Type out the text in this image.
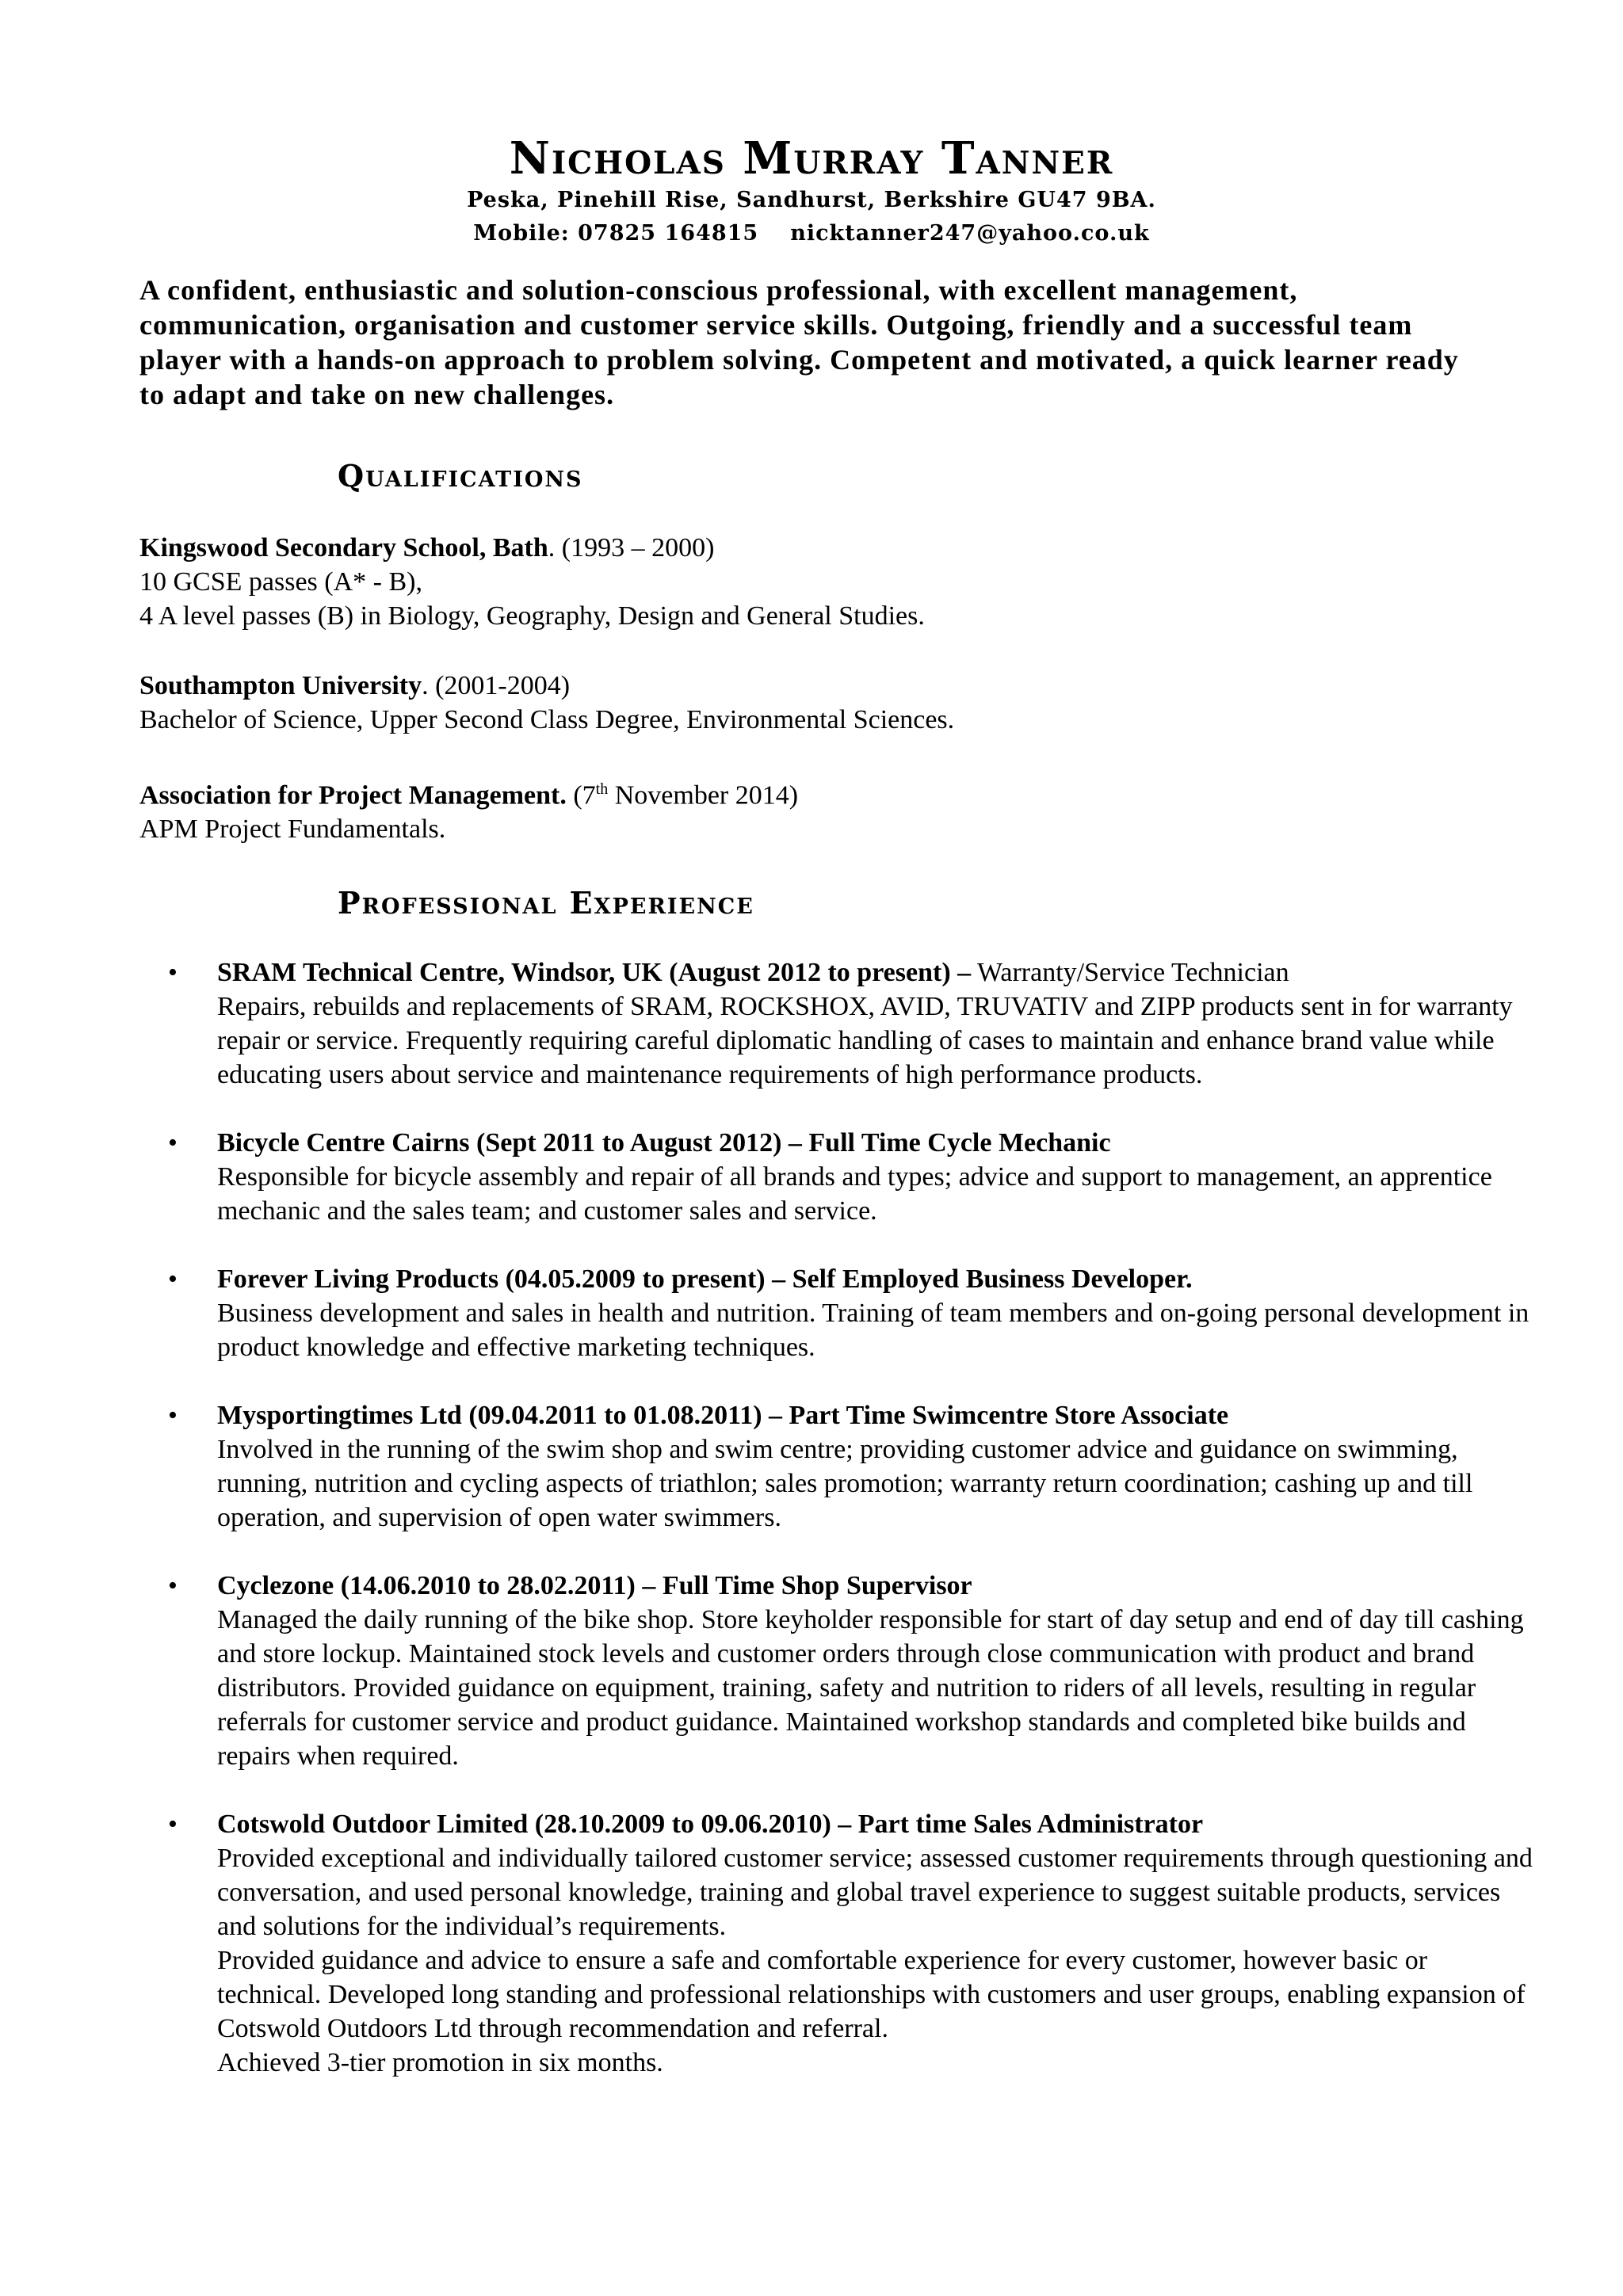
Nicholas Murray Tanner

Peska, Pinehill Rise, Sandhurst, Berkshire GU47 9BA.

Mobile: 07825 164815 nicktanner247@yahoo.co.uk

A confident, enthusiastic and solution-conscious professional, with excellent management, communication, organisation and customer service skills. Outgoing, friendly and a successful team player with a hands-on approach to problem solving. Competent and motivated, a quick learner ready to adapt and take on new challenges.

Qualifications
Kingswood Secondary School, Bath. (1993 – 2000)
10 GCSE passes (A* - B),
4 A level passes (B) in Biology, Geography, Design and General Studies.
Southampton University. (2001-2004)
Bachelor of Science, Upper Second Class Degree, Environmental Sciences.
Association for Project Management. (7th November 2014)
APM Project Fundamentals.
Professional Experience
• SRAM Technical Centre, Windsor, UK (August 2012 to present) – Warranty/Service Technician

Repairs, rebuilds and replacements of SRAM, ROCKSHOX, AVID, TRUVATIV and ZIPP products sent in for warranty repair or service. Frequently requiring careful diplomatic handling of cases to maintain and enhance brand value while educating users about service and maintenance requirements of high performance products.

• Bicycle Centre Cairns (Sept 2011 to August 2012) – Full Time Cycle Mechanic

Responsible for bicycle assembly and repair of all brands and types; advice and support to management, an apprentice mechanic and the sales team; and customer sales and service.

• Forever Living Products (04.05.2009 to present) – Self Employed Business Developer.

Business development and sales in health and nutrition. Training of team members and on-going personal development in product knowledge and effective marketing techniques.

• Mysportingtimes Ltd (09.04.2011 to 01.08.2011) – Part Time Swimcentre Store Associate

Involved in the running of the swim shop and swim centre; providing customer advice and guidance on swimming, running, nutrition and cycling aspects of triathlon; sales promotion; warranty return coordination; cashing up and till operation, and supervision of open water swimmers.

• Cyclezone (14.06.2010 to 28.02.2011) – Full Time Shop Supervisor

Managed the daily running of the bike shop. Store keyholder responsible for start of day setup and end of day till cashing and store lockup. Maintained stock levels and customer orders through close communication with product and brand distributors. Provided guidance on equipment, training, safety and nutrition to riders of all levels, resulting in regular referrals for customer service and product guidance. Maintained workshop standards and completed bike builds and repairs when required.

• Cotswold Outdoor Limited (28.10.2009 to 09.06.2010) – Part time Sales Administrator

Provided exceptional and individually tailored customer service; assessed customer requirements through questioning and conversation, and used personal knowledge, training and global travel experience to suggest suitable products, services and solutions for the individual’s requirements.

Provided guidance and advice to ensure a safe and comfortable experience for every customer, however basic or technical. Developed long standing and professional relationships with customers and user groups, enabling expansion of Cotswold Outdoors Ltd through recommendation and referral.

Achieved 3-tier promotion in six months.
